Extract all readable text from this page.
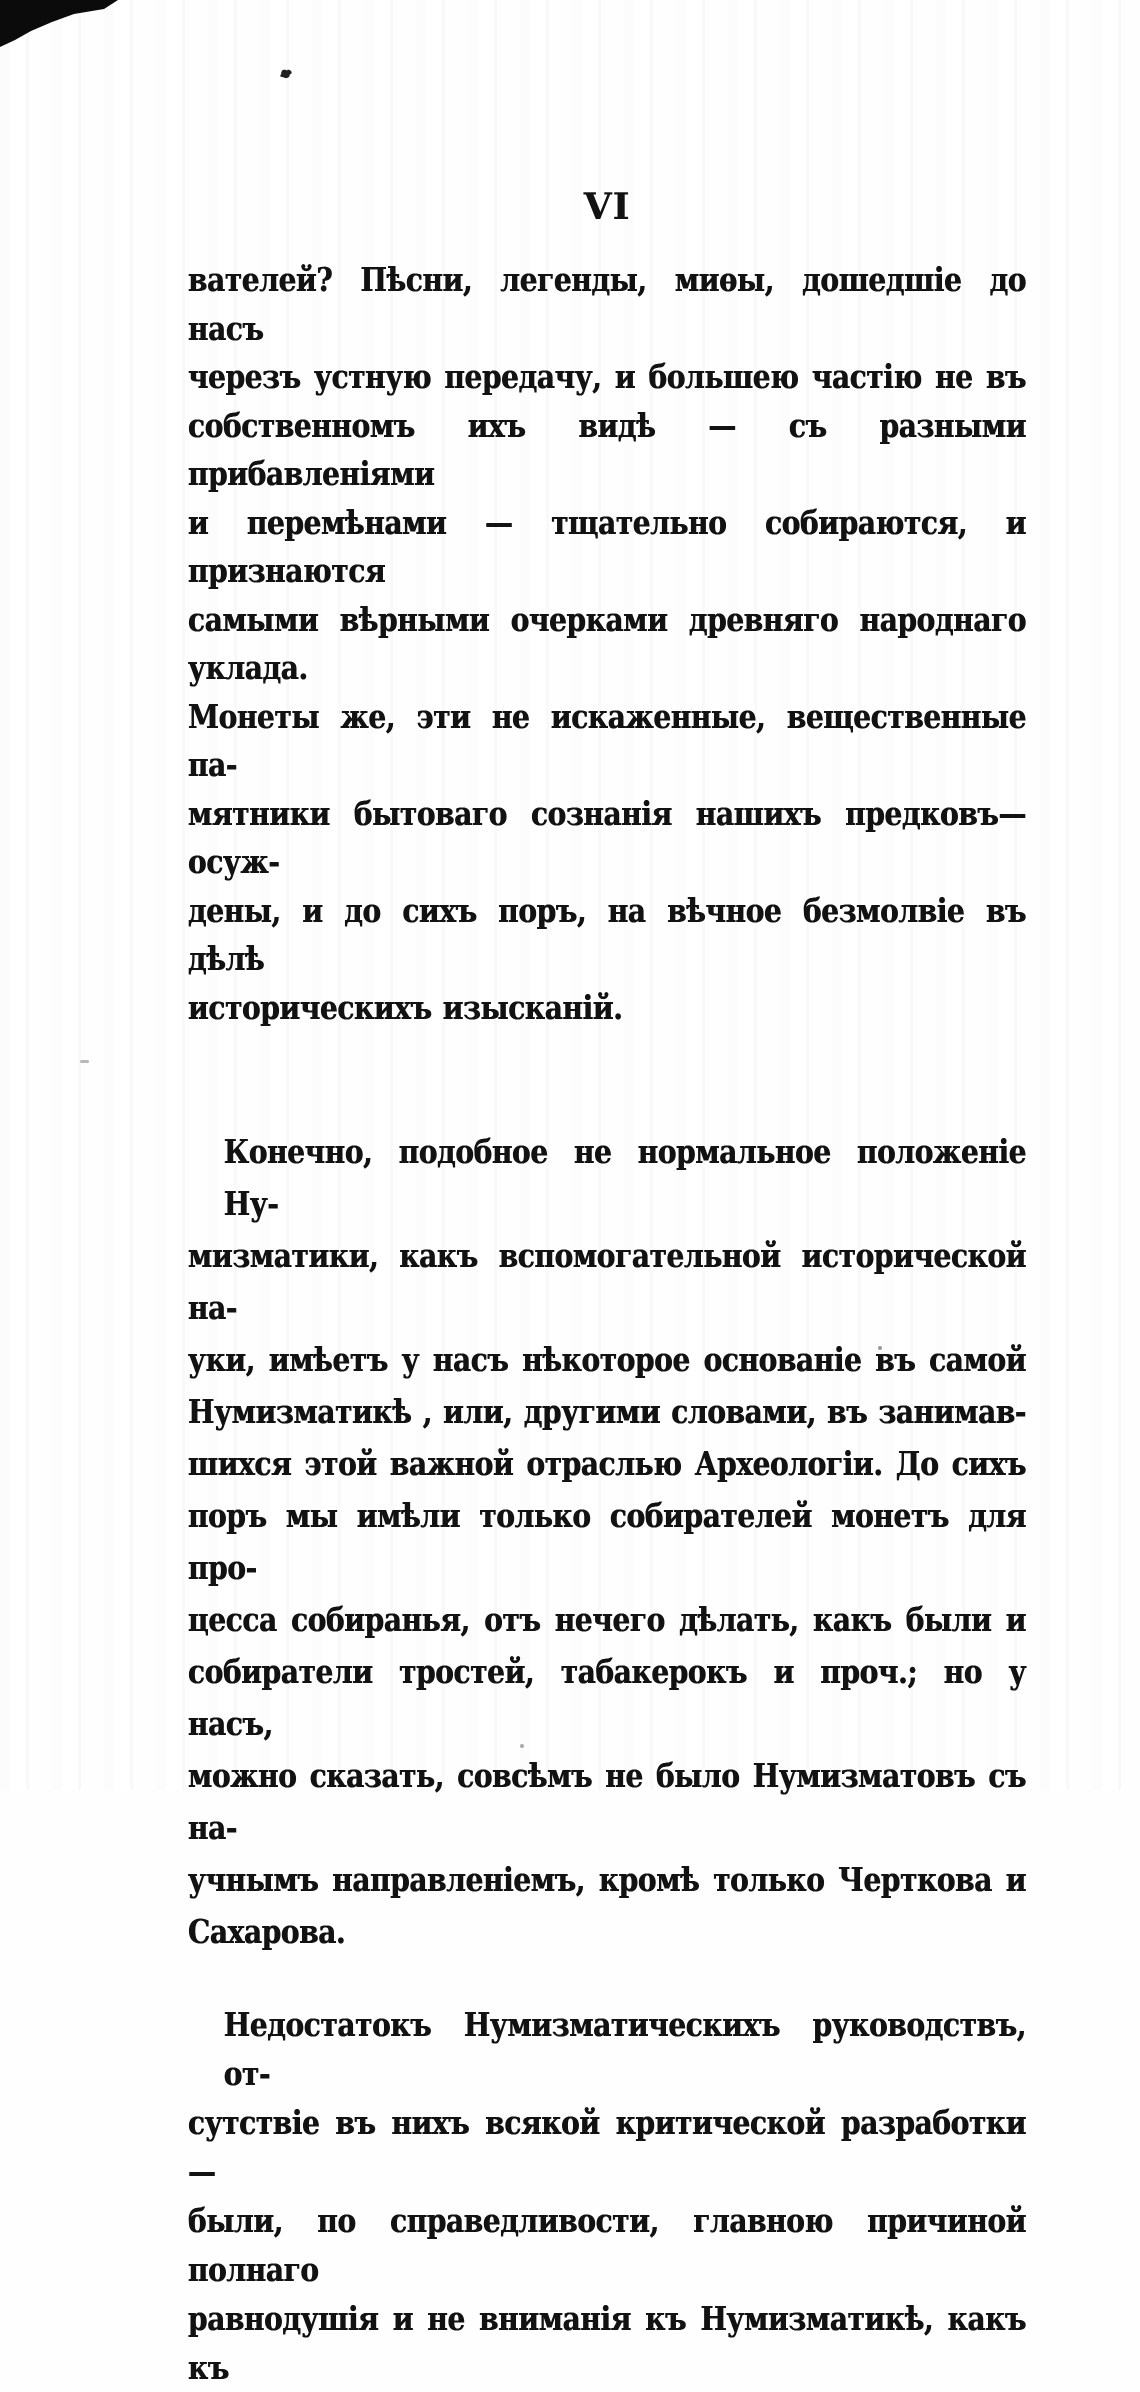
VI
вателей? Пѣсни, легенды, миѳы, дошедшіе до насъ
черезъ устную передачу, и большею частію не въ
собственномъ ихъ видѣ — съ разными прибавленіями
и перемѣнами — тщательно собираются, и признаются
самыми вѣрными очерками древняго народнаго уклада.
Монеты же, эти не искаженные, вещественные па-
мятники бытоваго сознанія нашихъ предковъ—осуж-
дены, и до сихъ поръ, на вѣчное безмолвіе въ дѣлѣ
историческихъ изысканій.
Конечно, подобное не нормальное положеніе Ну-
мизматики, какъ вспомогательной исторической на-
уки, имѣетъ у насъ нѣкоторое основаніе въ самой
Нумизматикѣ , или, другими словами, въ занимав-
шихся этой важной отраслью Археологіи. До сихъ
поръ мы имѣли только собирателей монетъ для про-
цесса собиранья, отъ нечего дѣлать, какъ были и
собиратели тростей, табакерокъ и проч.; но у насъ,
можно сказать, совсѣмъ не было Нумизматовъ съ на-
учнымъ направленіемъ, кромѣ только Черткова и
Сахарова.
Недостатокъ Нумизматическихъ руководствъ, от-
сутствіе въ нихъ всякой критической разработки—
были, по справедливости, главною причиной полнаго
равнодушія и не вниманія къ Нумизматикѣ, какъ къ
